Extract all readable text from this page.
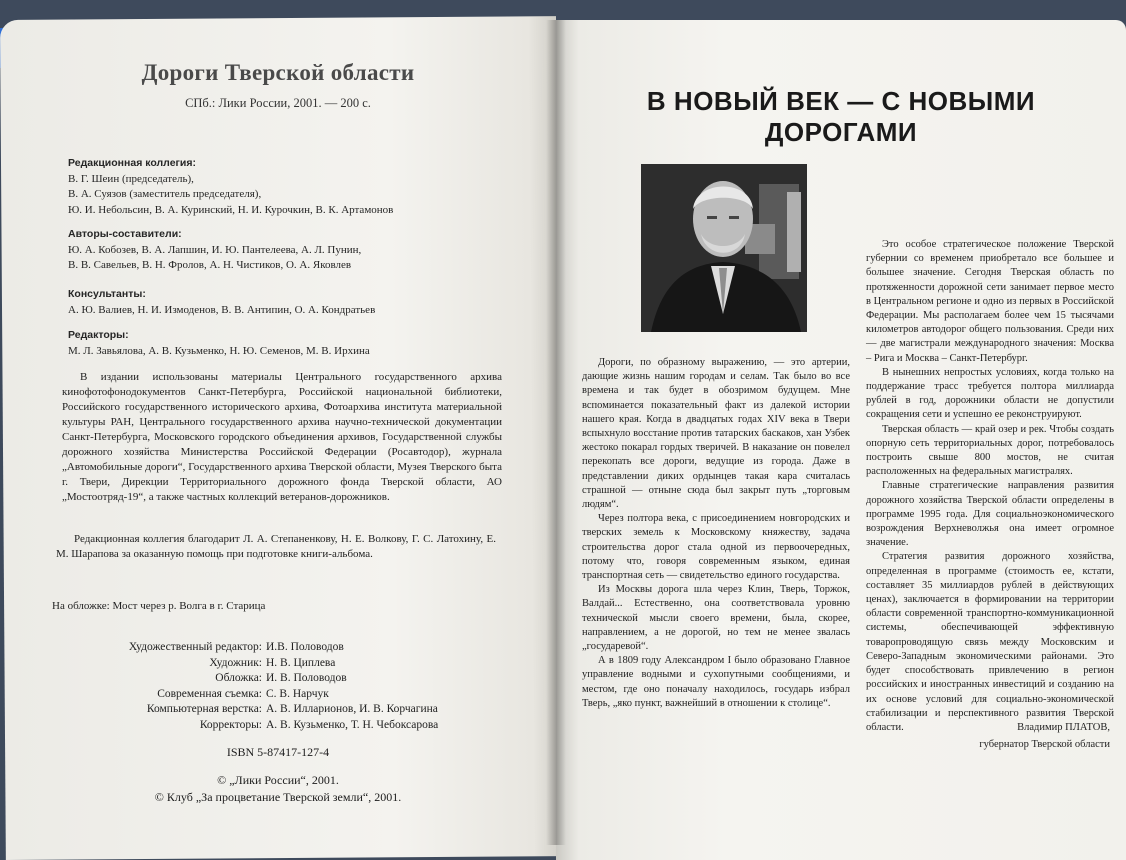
Дороги Тверской области
СПб.: Лики России, 2001. — 200 с.
Редакционная коллегия:
В. Г. Шеин (председатель),
В. А. Суязов (заместитель председателя),
Ю. И. Небольсин, В. А. Куринский, Н. И. Курочкин, В. К. Артамонов
Авторы-составители:
Ю. А. Кобозев, В. А. Лапшин, И. Ю. Пантелеева, А. Л. Пунин,
В. В. Савельев, В. Н. Фролов, А. Н. Чистиков, О. А. Яковлев
Консультанты:
А. Ю. Валиев, Н. И. Измоденов, В. В. Антипин, О. А. Кондратьев
Редакторы:
М. Л. Завьялова, А. В. Кузьменко, Н. Ю. Семенов, М. В. Ирхина

В издании использованы материалы Центрального государственного архива кинофотофонодокументов Санкт-Петербурга, Российской национальной библиотеки, Российского государственного исторического архива, Фотоархива института материальной культуры РАН, Центрального государственного архива научно-технической документации Санкт-Петербурга, Московского городского объединения архивов, Государственной службы дорожного хозяйства Министерства Российской Федерации (Росавтодор), журнала „Автомобильные дороги“, Государственного архива Тверской области, Музея Тверского быта г. Твери, Дирекции Территориального дорожного фонда Тверской области, АО „Мостоотряд-19“, а также частных коллекций ветеранов-дорожников.

Редакционная коллегия благодарит Л. А. Степаненкову, Н. Е. Волкову, Г. С. Латохину, Е. М. Шарапова за оказанную помощь при подготовке книги-альбома.

На обложке: Мост через р. Волга в г. Старица
Художественный редактор: И.В. Половодов
Художник: Н. В. Циплева
Обложка: И. В. Половодов
Современная съемка: С. В. Нарчук
Компьютерная верстка: А. В. Илларионов, И. В. Корчагина
Корректоры: А. В. Кузьменко, Т. Н. Чебоксарова
ISBN 5-87417-127-4
© „Лики России“, 2001.
© Клуб „За процветание Тверской земли“, 2001.
В НОВЫЙ ВЕК — С НОВЫМИ
ДОРОГАМИ

Дороги, по образному выражению, — это артерии, дающие жизнь нашим городам и селам. Так было во все времена и так будет в обозримом будущем. Мне вспоминается показательный факт из далекой истории нашего края. Когда в двадцатых годах XIV века в Твери вспыхнуло восстание против татарских баскаков, хан Узбек жестоко покарал гордых тверичей. В наказание он повелел перекопать все дороги, ведущие из города. Даже в представлении диких ордынцев такая кара считалась страшной — отныне сюда был закрыт путь „торговым людям“.

Через полтора века, с присоединением новгородских и тверских земель к Московскому княжеству, задача строительства дорог стала одной из первоочередных, потому что, говоря современным языком, единая транспортная сеть — свидетельство единого государства.

Из Москвы дорога шла через Клин, Тверь, Торжок, Валдай... Естественно, она соответствовала уровню технической мысли своего времени, была, скорее, направлением, а не дорогой, но тем не менее звалась „государевой“.

А в 1809 году Александром I было образовано Главное управление водными и сухопутными сообщениями, и местом, где оно поначалу находилось, государь избрал Тверь, „яко пункт, важнейший в отношении к столице“.

Это особое стратегическое положение Тверской губернии со временем приобретало все большее и большее значение. Сегодня Тверская область по протяженности дорожной сети занимает первое место в Центральном регионе и одно из первых в Российской Федерации. Мы располагаем более чем 15 тысячами километров автодорог общего пользования. Среди них — две магистрали международного значения: Москва – Рига и Москва – Санкт-Петербург.

В нынешних непростых условиях, когда только на поддержание трасс требуется полтора миллиарда рублей в год, дорожники области не допустили сокращения сети и успешно ее реконструируют.

Тверская область — край озер и рек. Чтобы создать опорную сеть территориальных дорог, потребовалось построить свыше 800 мостов, не считая расположенных на федеральных магистралях.

Главные стратегические направления развития дорожного хозяйства Тверской области определены в программе 1995 года. Для социальноэкономического возрождения Верхневолжья она имеет огромное значение.

Стратегия развития дорожного хозяйства, определенная в программе (стоимость ее, кстати, составляет 35 миллиардов рублей в действующих ценах), заключается в формировании на территории области современной транспортно-коммуникационной системы, обеспечивающей эффективную товаропроводящую связь между Московским и Северо-Западным экономическими районами. Это будет способствовать привлечению в регион российских и иностранных инвестиций и созданию на их основе условий для социально-экономической стабилизации и перспективного развития Тверской области.	Владимир ПЛАТОВ,
губернатор Тверской области
